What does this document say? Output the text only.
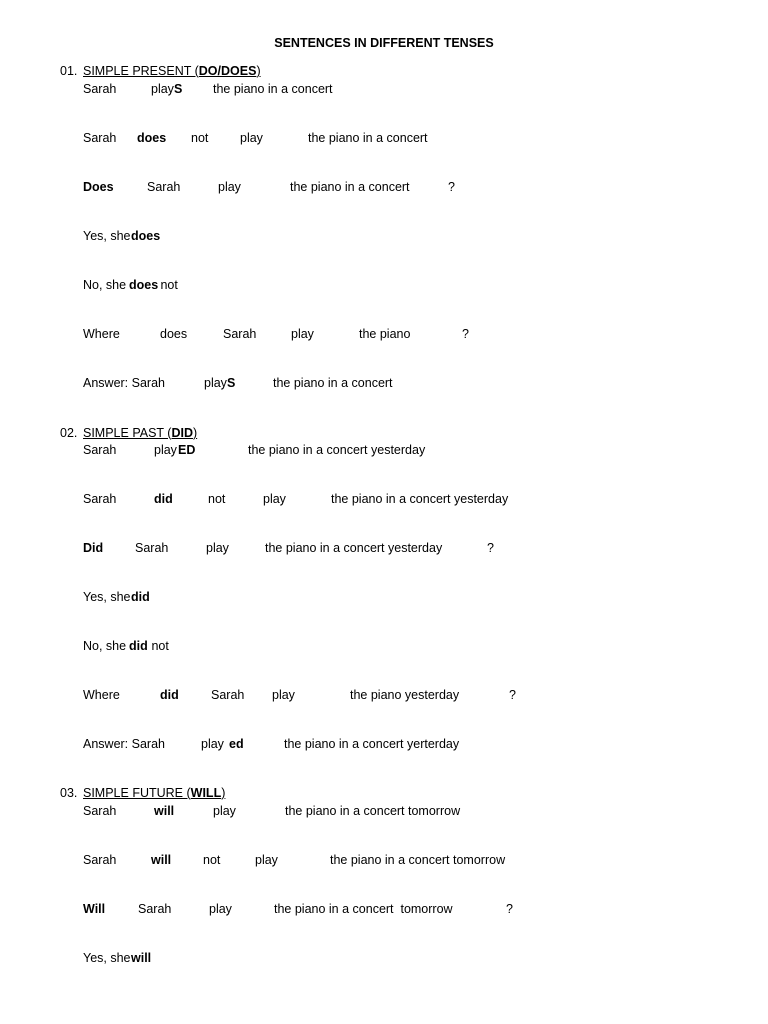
SENTENCES IN DIFFERENT TENSES
01. SIMPLE PRESENT (DO/DOES)
Sarah	play S the piano in a concert
Sarah does not	play	the piano in a concert
Does	Sarah	play	the piano in a concert	?
Yes, she
does
No, she does
not
Where	does	Sarah	play	the piano	?
Answer: Sarah	play S	the piano in a concert
02. SIMPLE PAST (DID)
Sarah	play ED	the piano in a concert yesterday
Sarah	did	not	play	the piano in a concert yesterday
Did	Sarah	play	the piano in a concert yesterday	?
Yes, she
did
No, she did not
Where	did	Sarah play	the piano yesterday	?
Answer: Sarah	play ed	the piano in a concert yerterday
03. SIMPLE FUTURE (WILL)
Sarah	will	play	the piano in a concert tomorrow
Sarah	will	not	play	the piano in a concert tomorrow
Will	Sarah	play	the piano in a concert  tomorrow	?
Yes, she
will
